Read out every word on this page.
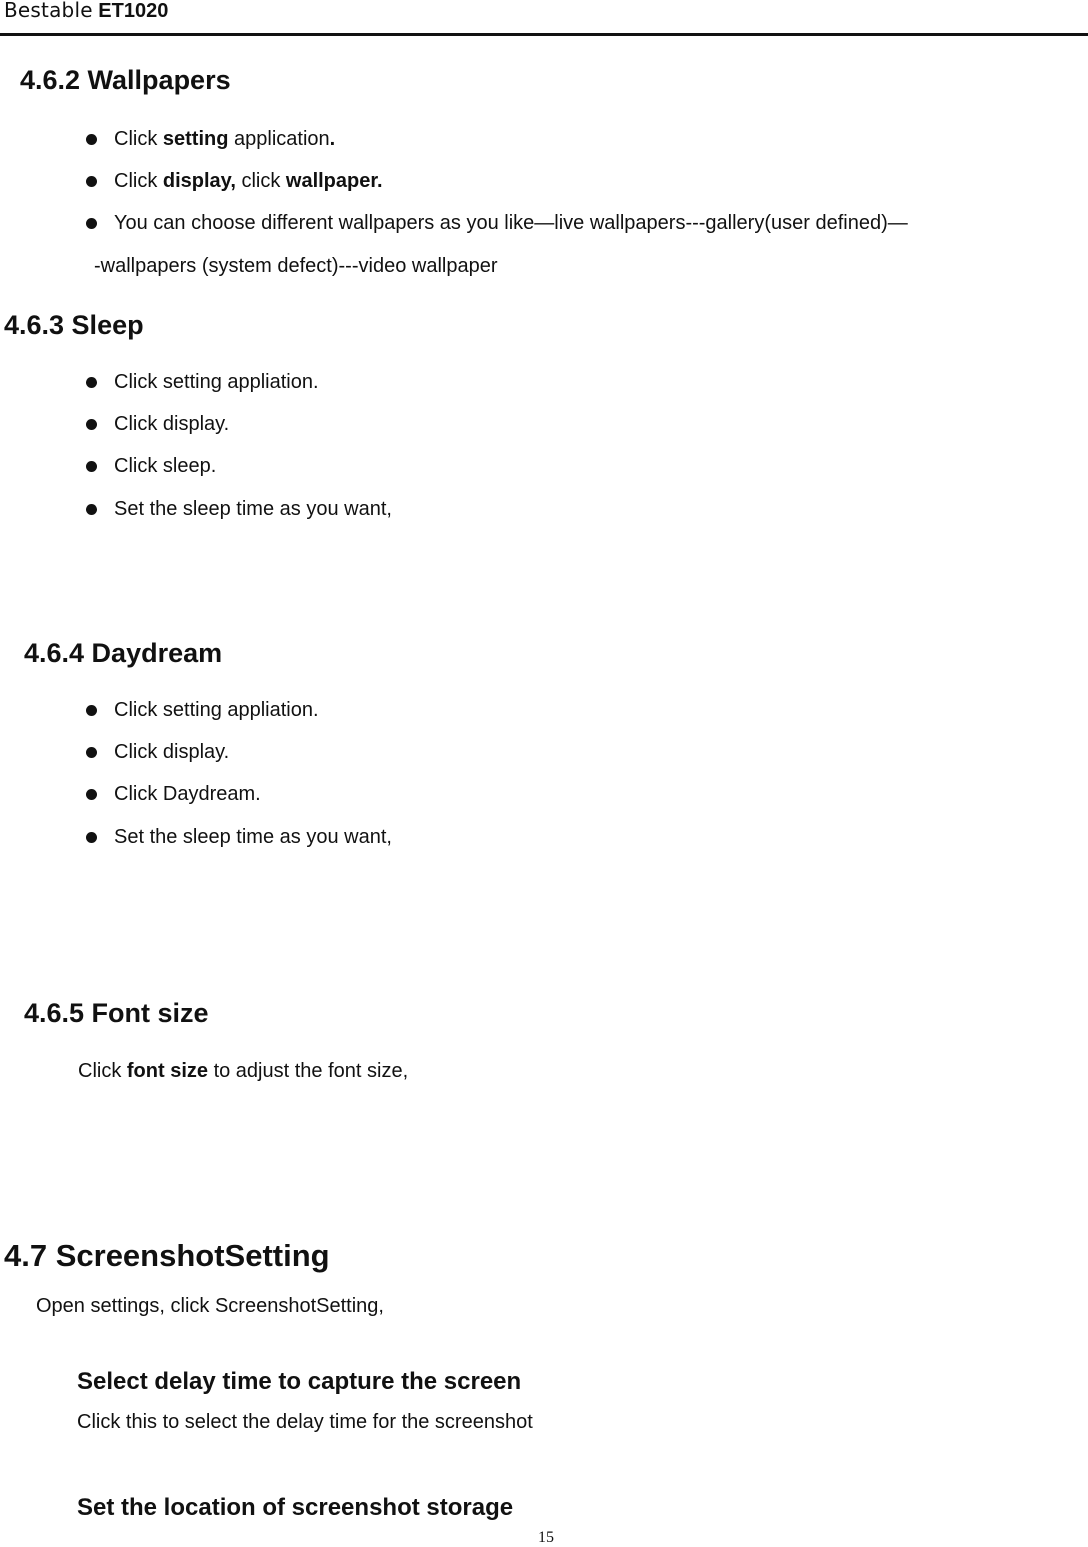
Bestable ET1020
4.6.2 Wallpapers
Click setting application.
Click display, click wallpaper.
You can choose different wallpapers as you like—live wallpapers---gallery(user defined)—
-wallpapers (system defect)---video wallpaper
4.6.3 Sleep
Click setting appliation.
Click display.
Click sleep.
Set the sleep time as you want,
4.6.4 Daydream
Click setting appliation.
Click display.
Click Daydream.
Set the sleep time as you want,
4.6.5 Font size
Click font size to adjust the font size,
4.7 ScreenshotSetting
Open settings, click ScreenshotSetting,
Select delay time to capture the screen
Click this to select the delay time for the screenshot
Set the location of screenshot storage
15
